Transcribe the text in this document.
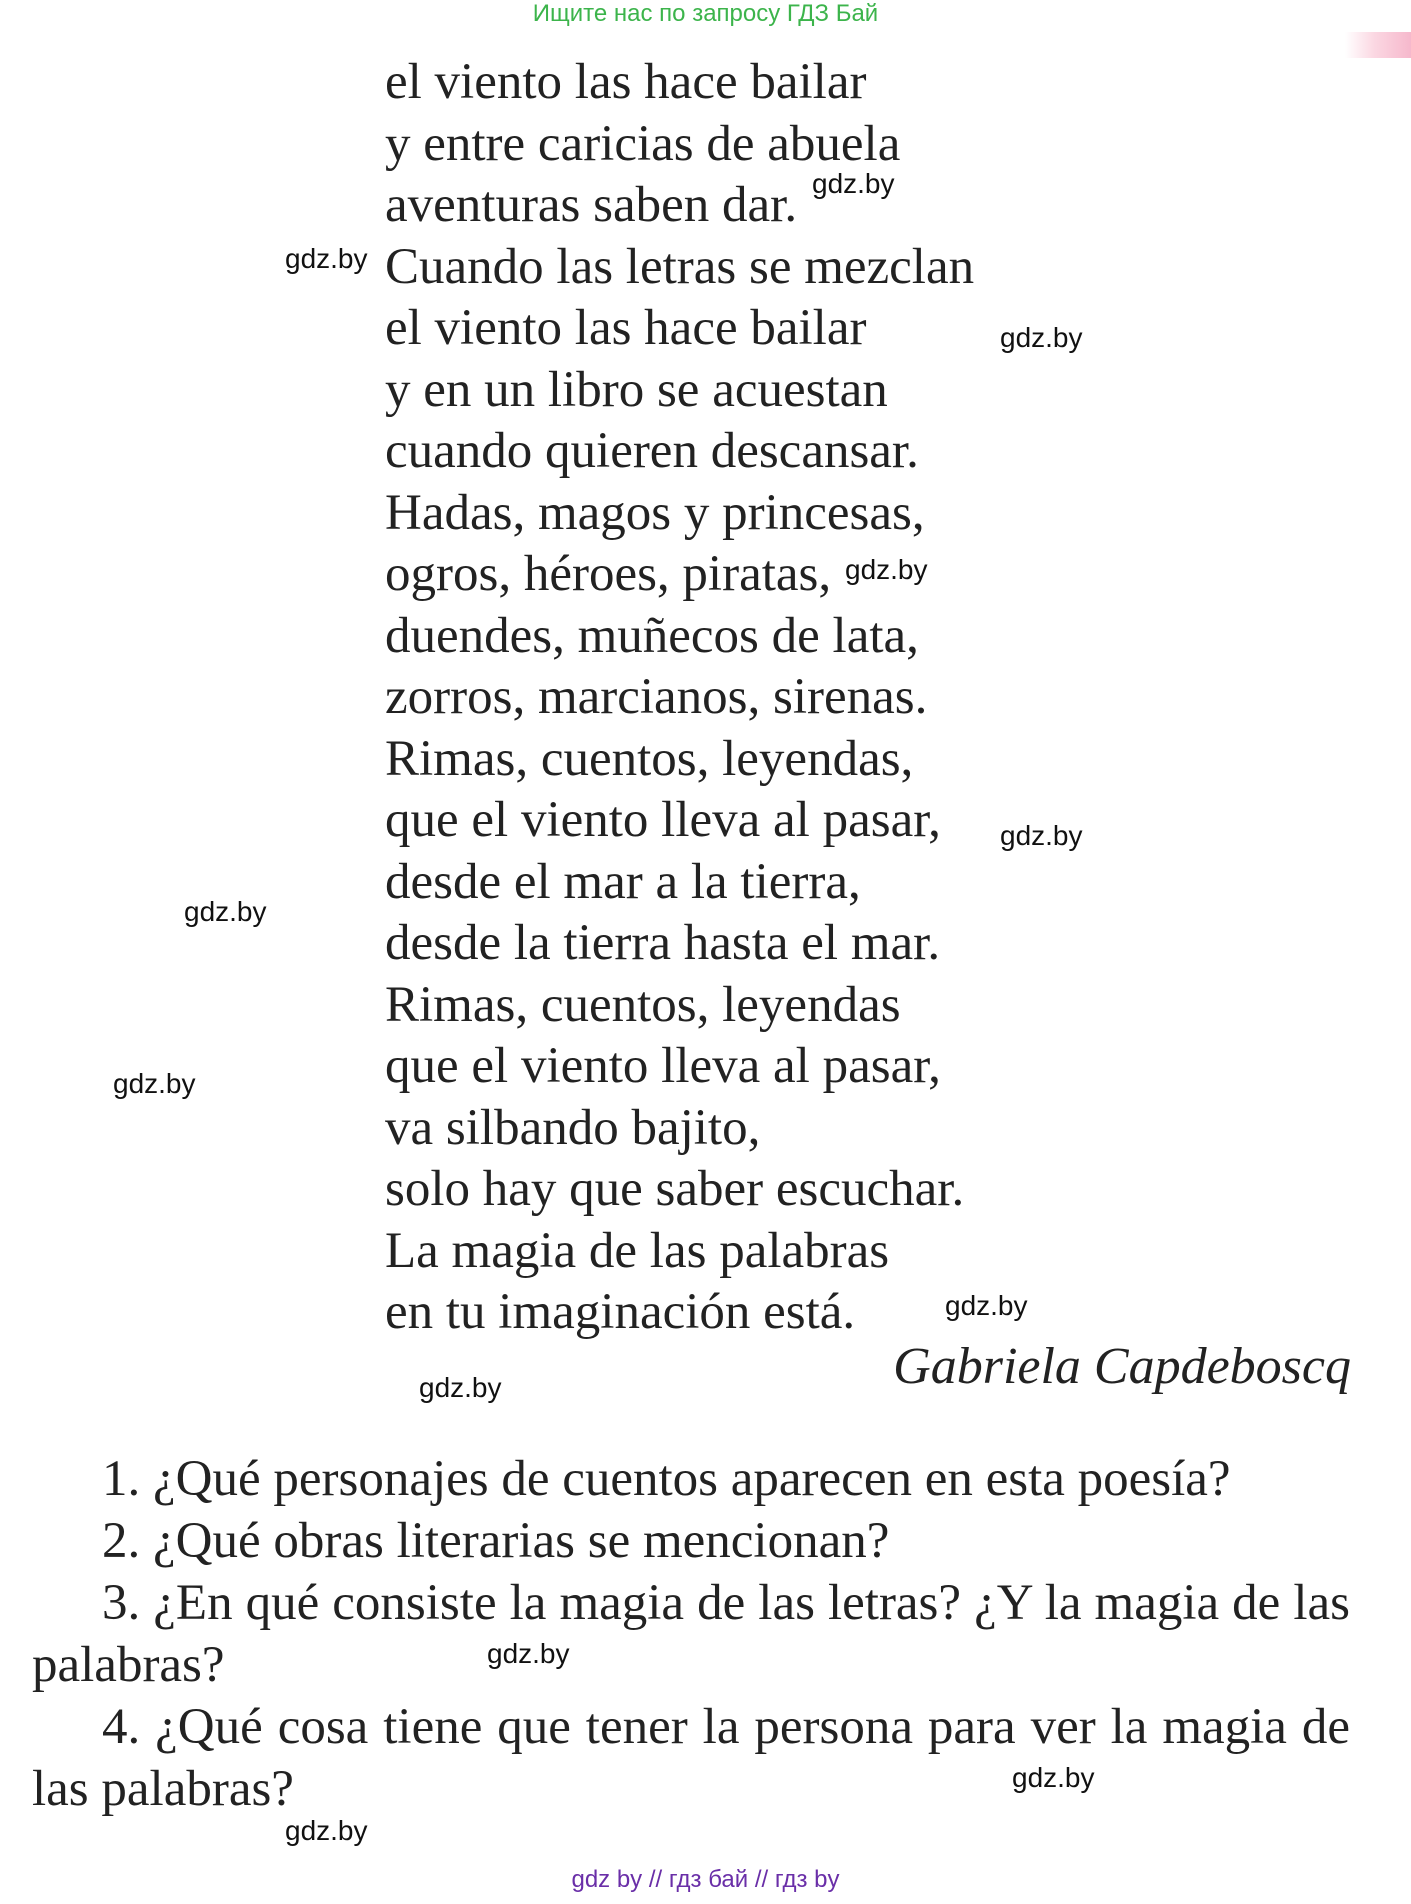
Ищите нас по запросу ГДЗ Бай
el viento las hace bailar
y entre caricias de abuela
aventuras saben dar.
Cuando las letras se mezclan
el viento las hace bailar
y en un libro se acuestan
cuando quieren descansar.
Hadas, magos y princesas,
ogros, héroes, piratas,
duendes, muñecos de lata,
zorros, marcianos, sirenas.
Rimas, cuentos, leyendas,
que el viento lleva al pasar,
desde el mar a la tierra,
desde la tierra hasta el mar.
Rimas, cuentos, leyendas
que el viento lleva al pasar,
va silbando bajito,
solo hay que saber escuchar.
La magia de las palabras
en tu imaginación está.
Gabriela Capdeboscq

1. ¿Qué personajes de cuentos aparecen en esta poesía?

2. ¿Qué obras literarias se mencionan?

3. ¿En qué consiste la magia de las letras? ¿Y la magia de las palabras?

4. ¿Qué cosa tiene que tener la persona para ver la magia de las palabras?

gdz.by
gdz.by
gdz.by
gdz.by
gdz.by
gdz.by
gdz.by
gdz.by
gdz.by
gdz.by
gdz.by
gdz.by
gdz by // гдз бай // гдз by
